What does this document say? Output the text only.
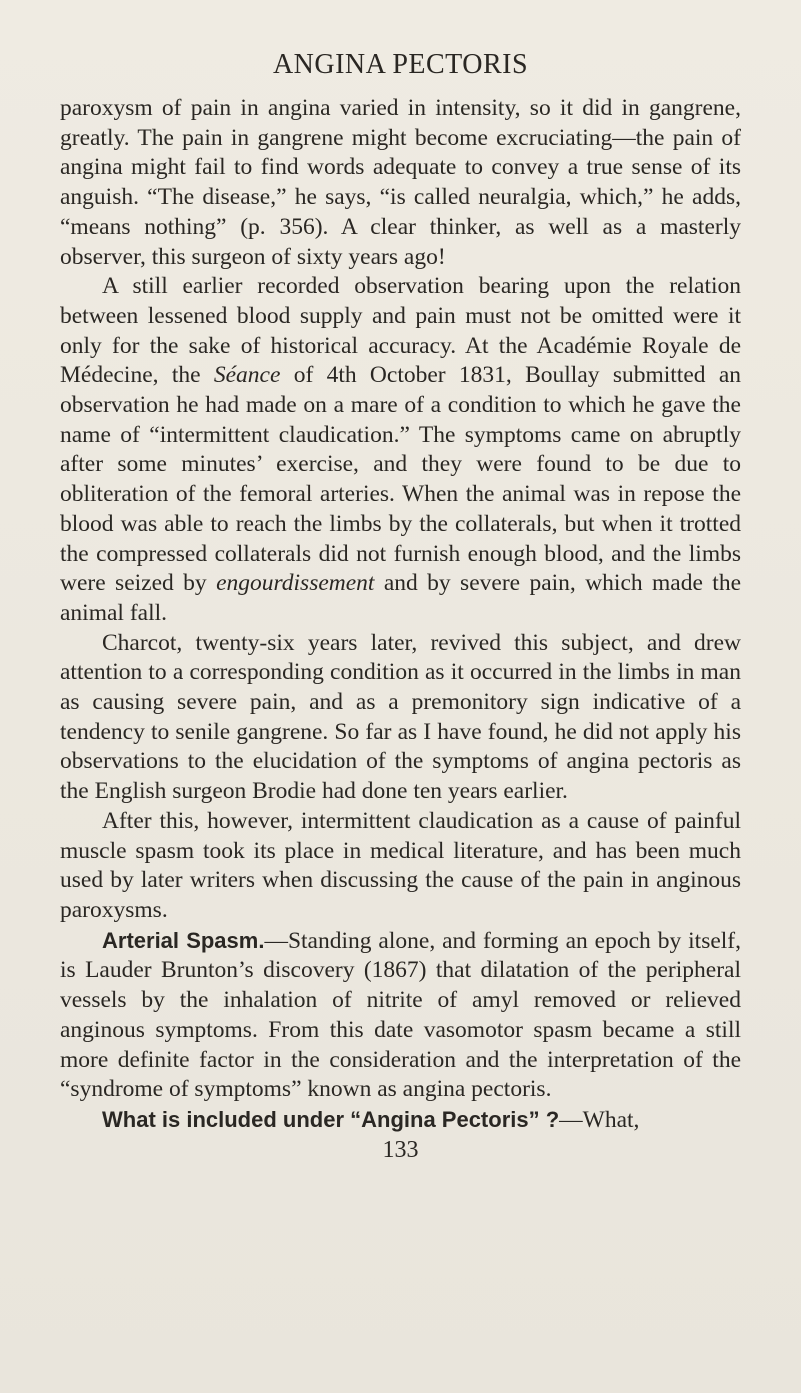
ANGINA PECTORIS

paroxysm of pain in angina varied in intensity, so it did in gangrene, greatly. The pain in gangrene might become excruciating—the pain of angina might fail to find words adequate to convey a true sense of its anguish. “The disease,” he says, “is called neuralgia, which,” he adds, “means nothing” (p. 356). A clear thinker, as well as a masterly observer, this surgeon of sixty years ago!

A still earlier recorded observation bearing upon the relation between lessened blood supply and pain must not be omitted were it only for the sake of historical accuracy. At the Académie Royale de Médecine, the Séance of 4th October 1831, Boullay submitted an observation he had made on a mare of a condition to which he gave the name of “intermittent claudication.” The symptoms came on abruptly after some minutes’ exercise, and they were found to be due to obliteration of the femoral arteries. When the animal was in repose the blood was able to reach the limbs by the collaterals, but when it trotted the compressed collaterals did not furnish enough blood, and the limbs were seized by engourdissement and by severe pain, which made the animal fall.

Charcot, twenty-six years later, revived this subject, and drew attention to a corresponding condition as it occurred in the limbs in man as causing severe pain, and as a premonitory sign indicative of a tendency to senile gangrene. So far as I have found, he did not apply his observations to the elucidation of the symptoms of angina pectoris as the English surgeon Brodie had done ten years earlier.

After this, however, intermittent claudication as a cause of painful muscle spasm took its place in medical literature, and has been much used by later writers when discussing the cause of the pain in anginous paroxysms.

Arterial Spasm.—Standing alone, and forming an epoch by itself, is Lauder Brunton’s discovery (1867) that dilatation of the peripheral vessels by the inhalation of nitrite of amyl removed or relieved anginous symptoms. From this date vasomotor spasm became a still more definite factor in the consideration and the interpretation of the “syndrome of symptoms” known as angina pectoris.

What is included under “Angina Pectoris” ?—What,

133
